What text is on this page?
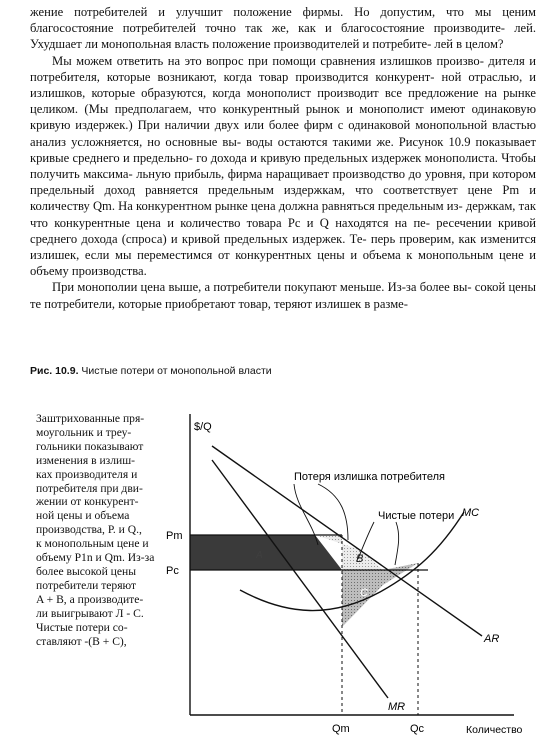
жение потребителей и улучшит положение фирмы. Но допустим, что мы ценим благосостояние потребителей точно так же, как и благосостояние производите- лей. Ухудшает ли монопольная власть положение производителей и потребите- лей в целом?

Мы можем ответить на это вопрос при помощи сравнения излишков произво- дителя и потребителя, которые возникают, когда товар производится конкурент- ной отраслью, и излишков, которые образуются, когда монополист производит все предложение на рынке целиком. (Мы предполагаем, что конкурентный рынок и монополист имеют одинаковую кривую издержек.) При наличии двух или более фирм с одинаковой монопольной властью анализ усложняется, но основные вы- воды остаются такими же. Рисунок 10.9 показывает кривые среднего и предельно- го дохода и кривую предельных издержек монополиста. Чтобы получить максима- льную прибыль, фирма наращивает производство до уровня, при котором предельный доход равняется предельным издержкам, что соответствует цене Pm и количеству Qm. На конкурентном рынке цена должна равняться предельным из- держкам, так что конкурентные цена и количество товара Pc и Q находятся на пе- ресечении кривой среднего дохода (спроса) и кривой предельных издержек. Те- перь проверим, как изменится излишек, если мы переместимся от конкурентных цены и объема к монопольным цене и объему производства.

При монополии цена выше, а потребители покупают меньше. Из-за более вы- сокой цены те потребители, которые приобретают товар, теряют излишек в разме-

Рис. 10.9. Чистые потери от монопольной власти
Заштрихованные пря-
моугольник и треу-
гольники показывают
изменения в излиш-
ках производителя и
потребителя при дви-
жении от конкурент-
ной цены и объема
производства, Р. и Q.,
к монопольным цене и
объему P1n и Qm. Из-за
более высокой цены
потребители теряют
A + B, а производите-
ли выигрывают Л - С.
Чистые потери со-
ставляют -(B + С),
$/Q
Количество
Pm
Pc
Qm	Qc
MC
AR
MR
A	B
C
Потеря излишка потребителя
Чистые потери
